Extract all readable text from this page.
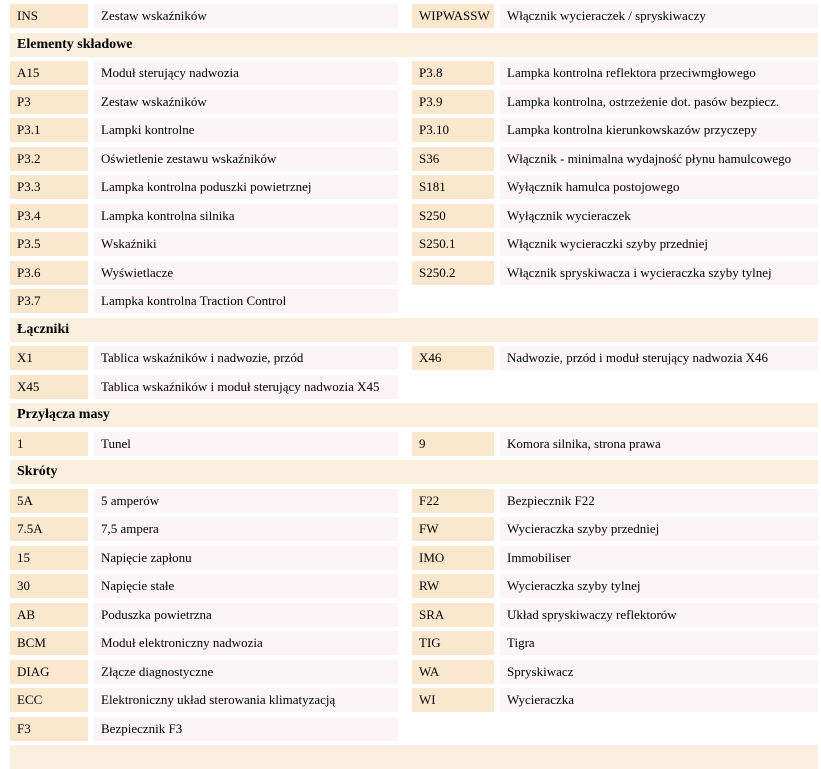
INS	Zestaw wskaźników	WIPWASSW	Włącznik wycieraczek / spryskiwaczy
Elementy składowe
A15	Moduł sterujący nadwozia	P3.8	Lampka kontrolna reflektora przeciwmgłowego
P3	Zestaw wskaźników	P3.9	Lampka kontrolna, ostrzeżenie dot. pasów bezpiecz.
P3.1	Lampki kontrolne	P3.10	Lampka kontrolna kierunkowskazów przyczepy
P3.2	Oświetlenie zestawu wskaźników	S36	Włącznik - minimalna wydajność płynu hamulcowego
P3.3	Lampka kontrolna poduszki powietrznej	S181	Wyłącznik hamulca postojowego
P3.4	Lampka kontrolna silnika	S250	Wyłącznik wycieraczek
P3.5	Wskaźniki	S250.1	Włącznik wycieraczki szyby przedniej
P3.6	Wyświetlacze	S250.2	Włącznik spryskiwacza i wycieraczka szyby tylnej
P3.7	Lampka kontrolna Traction Control
Łączniki
X1	Tablica wskaźników i nadwozie, przód	X46	Nadwozie, przód i moduł sterujący nadwozia X46
X45	Tablica wskaźników i moduł sterujący nadwozia X45
Przyłącza masy
1	Tunel	9	Komora silnika, strona prawa
Skróty
5A	5 amperów	F22	Bezpiecznik F22
7.5A	7,5 ampera	FW	Wycieraczka szyby przedniej
15	Napięcie zapłonu	IMO	Immobiliser
30	Napięcie stałe	RW	Wycieraczka szyby tylnej
AB	Poduszka powietrzna	SRA	Układ spryskiwaczy reflektorów
BCM	Moduł elektroniczny nadwozia	TIG	Tigra
DIAG	Złącze diagnostyczne	WA	Spryskiwacz
ECC	Elektroniczny układ sterowania klimatyzacją	WI	Wycieraczka
F3	Bezpiecznik F3
